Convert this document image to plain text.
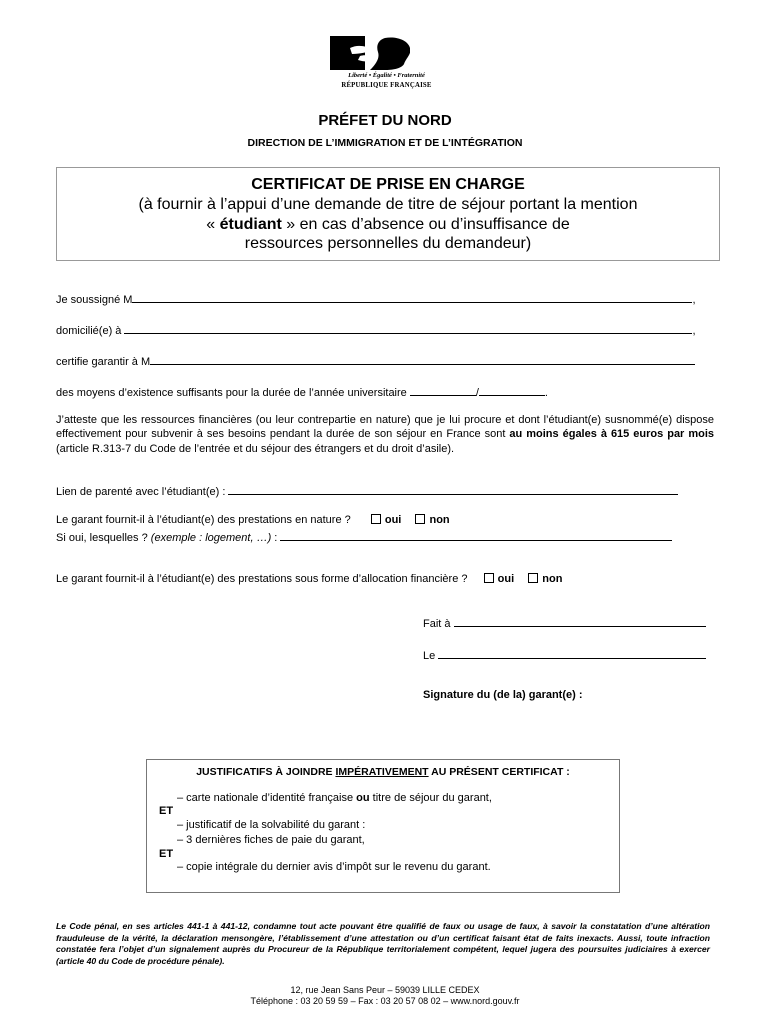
Liberté • Égalité • Fraternité
RÉPUBLIQUE FRANÇAISE
PRÉFET DU NORD
DIRECTION DE L’IMMIGRATION ET DE L’INTÉGRATION
CERTIFICAT DE PRISE EN CHARGE
(à fournir à l’appui d’une demande de titre de séjour portant la mention
« étudiant » en cas d’absence ou d’insuffisance de
ressources personnelles du demandeur)
Je soussigné M	,
domicilié(e) à	,
certifie garantir à M
des moyens d’existence suffisants pour la durée de l’année universitaire	/	.
J’atteste que les ressources financières (ou leur contrepartie en nature) que je lui procure et dont l’étudiant(e) susnommé(e) dispose effectivement pour subvenir à ses besoins pendant la durée de son séjour en France sont au moins égales à 615 euros par mois (article R.313-7 du Code de l’entrée et du séjour des étrangers et du droit d’asile).
Lien de parenté avec l’étudiant(e) :
Le garant fournit-il à l’étudiant(e) des prestations en nature ?	oui	non
Si oui, lesquelles ? (exemple : logement, …) :
Le garant fournit-il à l’étudiant(e) des prestations sous forme d’allocation financière ?	oui	non
Fait à
Le
Signature du (de la) garant(e) :
JUSTIFICATIFS À JOINDRE IMPÉRATIVEMENT AU PRÉSENT CERTIFICAT :
– carte nationale d’identité française ou titre de séjour du garant,
ET
– justificatif de la solvabilité du garant :
– 3 dernières fiches de paie du garant,
ET
– copie intégrale du dernier avis d’impôt sur le revenu du garant.
Le Code pénal, en ses articles 441-1 à 441-12, condamne tout acte pouvant être qualifié de faux ou usage de faux, à savoir la constatation d’une altération frauduleuse de la vérité, la déclaration mensongère, l’établissement d’une attestation ou d’un certificat faisant état de faits inexacts. Aussi, toute infraction constatée fera l’objet d’un signalement auprès du Procureur de la République territorialement compétent, lequel jugera des poursuites judiciaires à exercer (article 40 du Code de procédure pénale).
12, rue Jean Sans Peur – 59039 LILLE CEDEX
Téléphone : 03 20 59 59 – Fax : 03 20 57 08 02 – www.nord.gouv.fr
